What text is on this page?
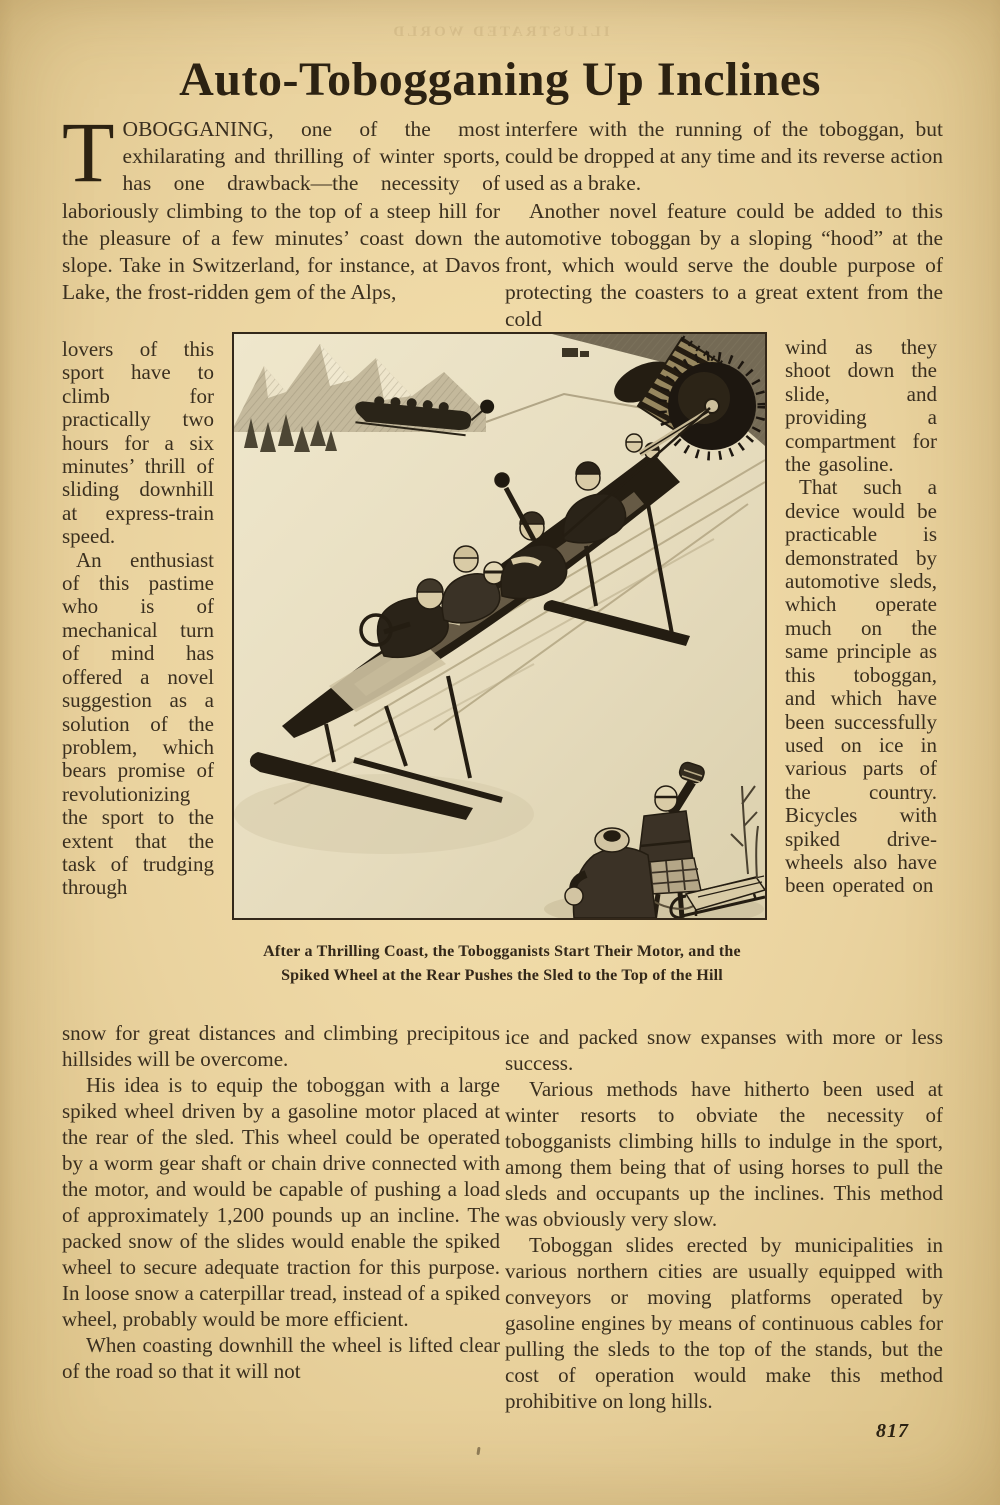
ILLUSTRATED WORLD
Auto-Tobogganing Up Inclines

TOBOGGANING, one of the most exhilarating and thrilling of winter sports, has one drawback—the necessity of laboriously climbing to the top of a steep hill for the pleasure of a few minutes’ coast down the slope. Take in Switzerland, for instance, at Davos Lake, the frost-ridden gem of the Alps,

interfere with the running of the toboggan, but could be dropped at any time and its reverse action used as a brake.

Another novel feature could be added to this automotive toboggan by a sloping “hood” at the front, which would serve the double purpose of protecting the coasters to a great extent from the cold

lovers of this sport have to climb for practically two hours for a six minutes’ thrill of sliding downhill at express-train speed.

An enthusiast of this pastime who is of mechanical turn of mind has offered a novel suggestion as a solution of the problem, which bears promise of revolutionizing the sport to the extent that the task of trudging through

wind as they shoot down the slide, and providing a compartment for the gasoline.

That such a device would be practicable is demonstrated by automotive sleds, which operate much on the same principle as this toboggan, and which have been successfully used on ice in various parts of the country. Bicycles with spiked drive-wheels also have been operated on

After a Thrilling Coast, the Tobogganists Start Their Motor, and the
Spiked Wheel at the Rear Pushes the Sled to the Top of the Hill

snow for great distances and climbing precipitous hillsides will be overcome.

His idea is to equip the toboggan with a large spiked wheel driven by a gasoline motor placed at the rear of the sled. This wheel could be operated by a worm gear shaft or chain drive connected with the motor, and would be capable of pushing a load of approximately 1,200 pounds up an incline. The packed snow of the slides would enable the spiked wheel to secure adequate traction for this purpose. In loose snow a caterpillar tread, instead of a spiked wheel, probably would be more efficient.

When coasting downhill the wheel is lifted clear of the road so that it will not

ice and packed snow expanses with more or less success.

Various methods have hitherto been used at winter resorts to obviate the necessity of tobogganists climbing hills to indulge in the sport, among them being that of using horses to pull the sleds and occupants up the inclines. This method was obviously very slow.

Toboggan slides erected by municipalities in various northern cities are usually equipped with conveyors or moving platforms operated by gasoline engines by means of continuous cables for pulling the sleds to the top of the stands, but the cost of operation would make this method prohibitive on long hills.

817
